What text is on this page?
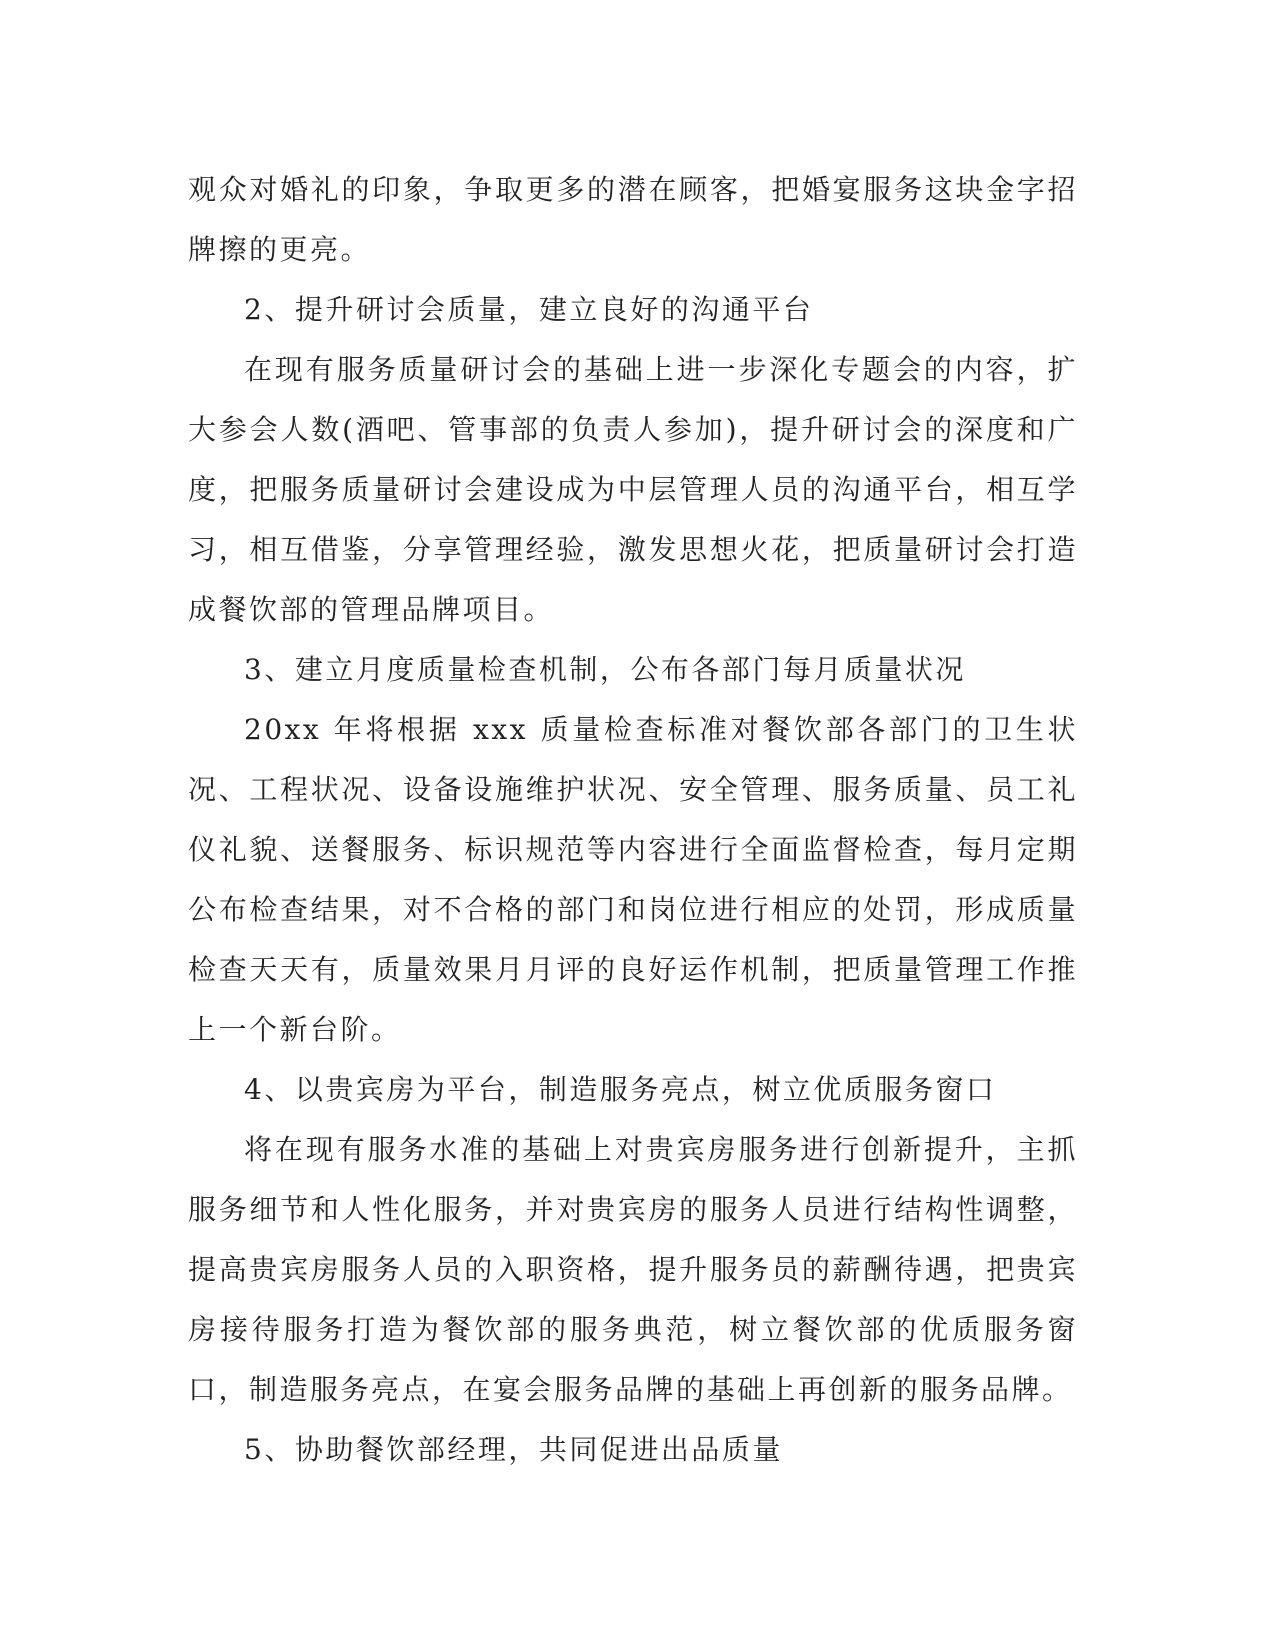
观众对婚礼的印象，争取更多的潜在顾客，把婚宴服务这块金字招牌擦的更亮。

2、提升研讨会质量，建立良好的沟通平台

在现有服务质量研讨会的基础上进一步深化专题会的内容，扩大参会人数(酒吧、管事部的负责人参加)，提升研讨会的深度和广度，把服务质量研讨会建设成为中层管理人员的沟通平台，相互学习，相互借鉴，分享管理经验，激发思想火花，把质量研讨会打造成餐饮部的管理品牌项目。

3、建立月度质量检查机制，公布各部门每月质量状况

20xx 年将根据 xxx 质量检查标准对餐饮部各部门的卫生状况、工程状况、设备设施维护状况、安全管理、服务质量、员工礼仪礼貌、送餐服务、标识规范等内容进行全面监督检查，每月定期公布检查结果，对不合格的部门和岗位进行相应的处罚，形成质量检查天天有，质量效果月月评的良好运作机制，把质量管理工作推上一个新台阶。

4、以贵宾房为平台，制造服务亮点，树立优质服务窗口

将在现有服务水准的基础上对贵宾房服务进行创新提升，主抓服务细节和人性化服务，并对贵宾房的服务人员进行结构性调整，提高贵宾房服务人员的入职资格，提升服务员的薪酬待遇，把贵宾房接待服务打造为餐饮部的服务典范，树立餐饮部的优质服务窗口，制造服务亮点，在宴会服务品牌的基础上再创新的服务品牌。

5、协助餐饮部经理，共同促进出品质量
